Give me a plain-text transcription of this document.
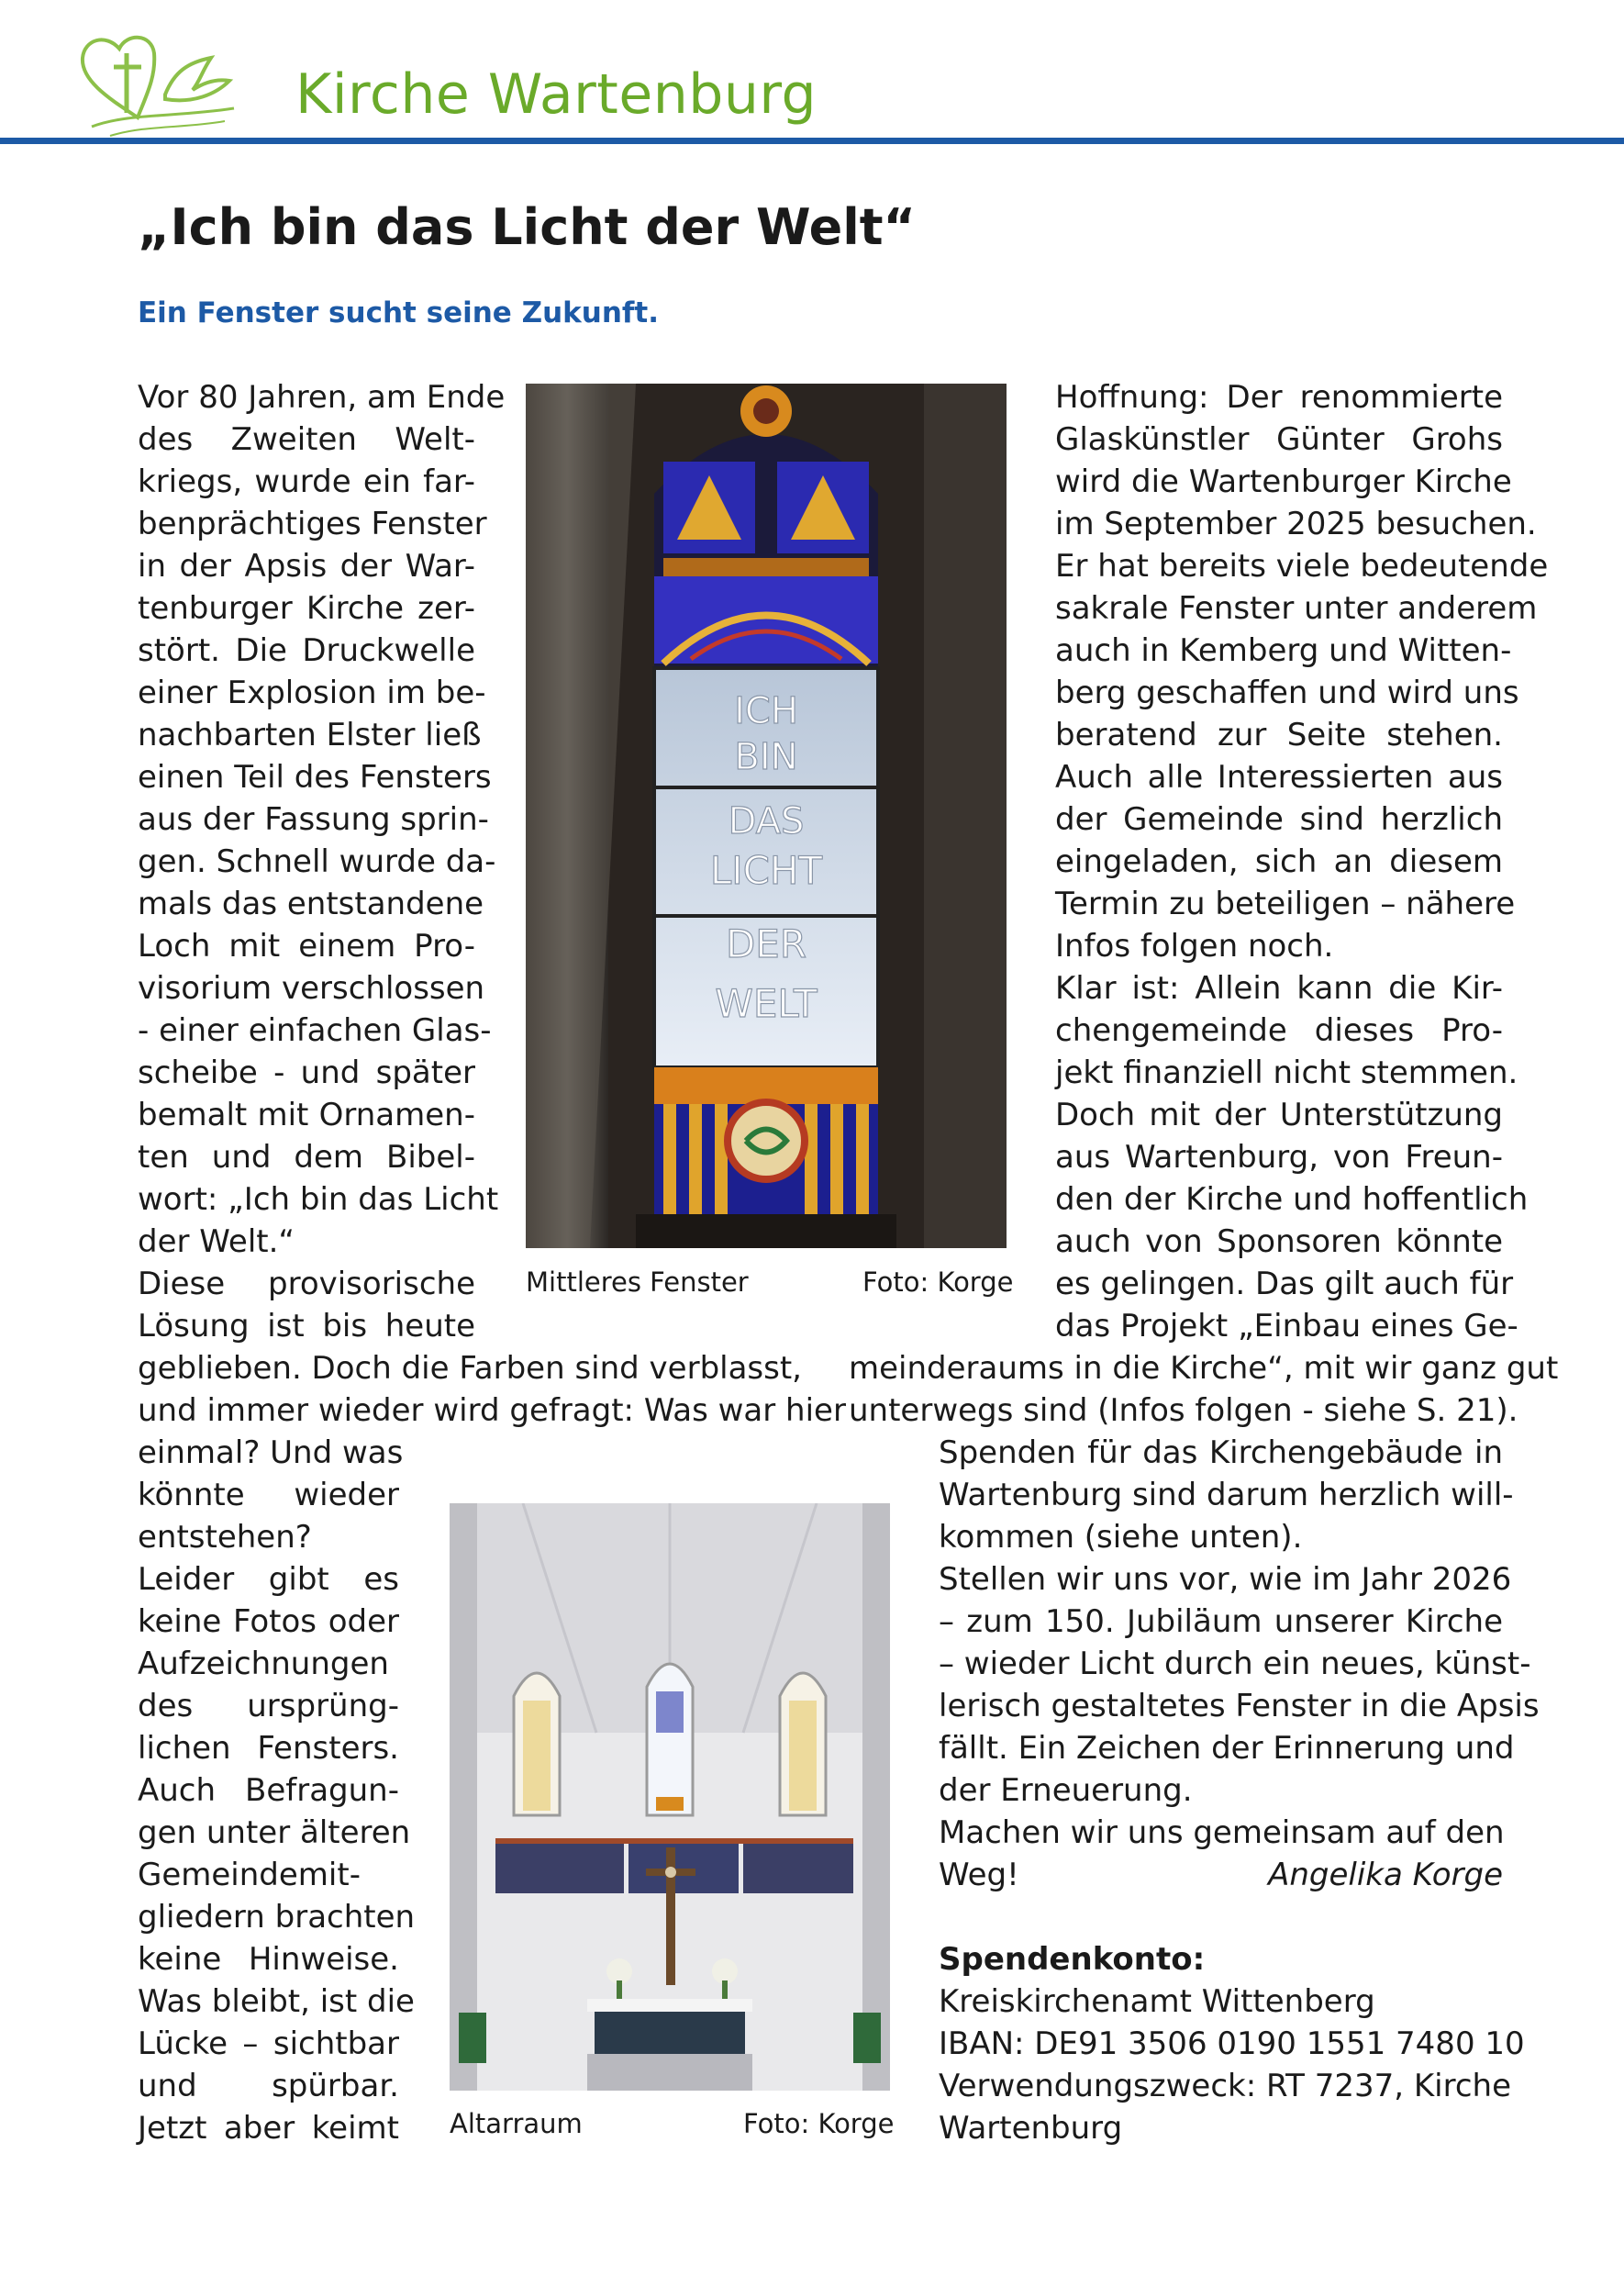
Kirche Wartenburg
„Ich bin das Licht der Welt“
Ein Fenster sucht seine Zukunft.
Vor 80 Jahren, am Ende
des Zweiten Welt-
kriegs, wurde ein far-
benprächtiges Fenster
in der Apsis der War-
tenburger Kirche zer-
stört. Die Druckwelle
einer Explosion im be-
nachbarten Elster ließ
einen Teil des Fensters
aus der Fassung sprin-
gen. Schnell wurde da-
mals das entstandene
Loch mit einem Pro-
visorium verschlossen
- einer einfachen Glas-
scheibe - und später
bemalt mit Ornamen-
ten und dem Bibel-
wort: „Ich bin das Licht
der Welt.“
Diese provisorische
Lösung ist bis heute
geblieben. Doch die Farben sind verblasst,
und immer wieder wird gefragt: Was war hier
einmal? Und was
könnte wieder
entstehen?
Leider gibt es
keine Fotos oder
Aufzeichnungen
des ursprüng-
lichen Fensters.
Auch Befragun-
gen unter älteren
Gemeindemit-
gliedern brachten
keine Hinweise.
Was bleibt, ist die
Lücke – sichtbar
und spürbar.
Jetzt aber keimt
Hoffnung: Der renommierte
Glaskünstler Günter Grohs
wird die Wartenburger Kirche
im September 2025 besuchen.
Er hat bereits viele bedeutende
sakrale Fenster unter anderem
auch in Kemberg und Witten-
berg geschaffen und wird uns
beratend zur Seite stehen.
Auch alle Interessierten aus
der Gemeinde sind herzlich
eingeladen, sich an diesem
Termin zu beteiligen – nähere
Infos folgen noch.
Klar ist: Allein kann die Kir-
chengemeinde dieses Pro-
jekt finanziell nicht stemmen.
Doch mit der Unterstützung
aus Wartenburg, von Freun-
den der Kirche und hoffentlich
auch von Sponsoren könnte
es gelingen. Das gilt auch für
das Projekt „Einbau eines Ge-
meinderaums in die Kirche“, mit wir ganz gut
unterwegs sind (Infos folgen - siehe S. 21).
Spenden für das Kirchengebäude in
Wartenburg sind darum herzlich will-
kommen (siehe unten).
Stellen wir uns vor, wie im Jahr 2026
– zum 150. Jubiläum unserer Kirche
– wieder Licht durch ein neues, künst-
lerisch gestaltetes Fenster in die Apsis
fällt. Ein Zeichen der Erinnerung und
der Erneuerung.
Machen wir uns gemeinsam auf den
Weg!	Angelika Korge
Spendenkonto:
Kreiskirchenamt Wittenberg
IBAN: DE91 3506 0190 1551 7480 10
Verwendungszweck: RT 7237, Kirche
Wartenburg
ICH
BIN
DAS
LICHT
DER
WELT
Mittleres Fenster	Foto: Korge
Altarraum	Foto: Korge
